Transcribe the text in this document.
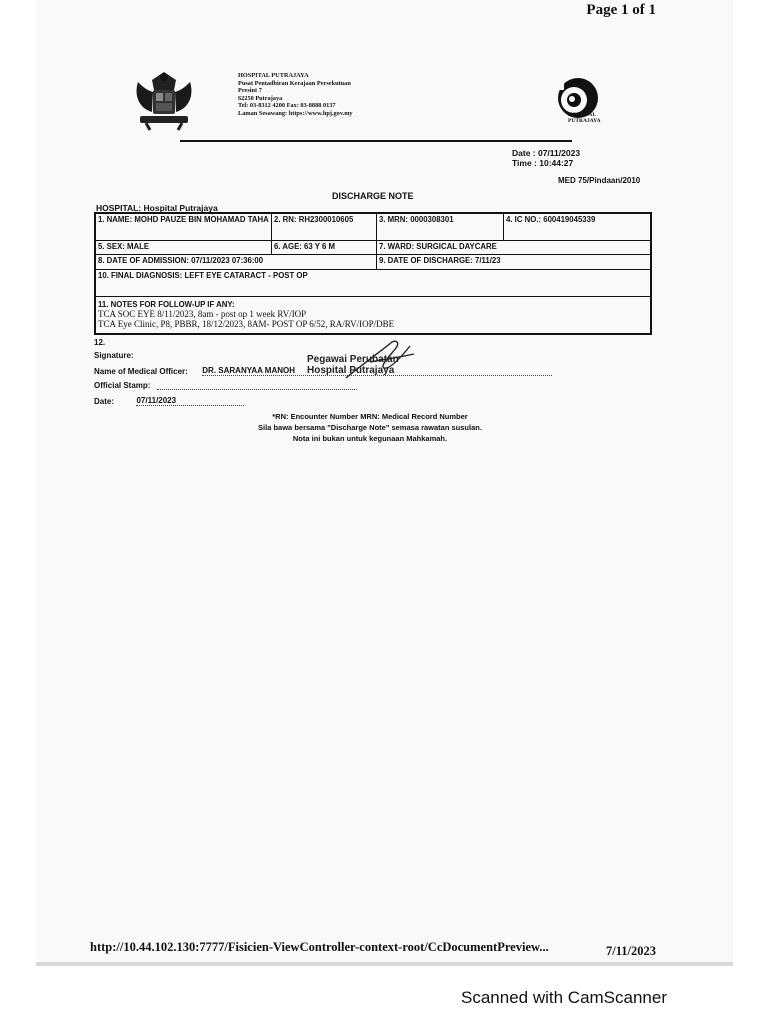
Page 1 of 1
HOSPITAL PUTRAJAYA
Pusat Pentadbiran Kerajaan Persekutuan
Presint 7
62250 Putrajaya
Tel: 03-8312 4200 Fax: 03-8888 0137
Laman Sesawang: https://www.hpj.gov.my	HOSPITAL
PUTRAJAYA
Date : 07/11/2023
Time : 10:44:27
MED 75/Pindaan/2010
DISCHARGE NOTE
HOSPITAL: Hospital Putrajaya
1. NAME: MOHD PAUZE BIN MOHAMAD TAHA 2. RN: RH2300010605	3. MRN: 0000308301	4. IC NO.: 600419045339
5. SEX: MALE	6. AGE: 63 Y 6 M	7. WARD: SURGICAL DAYCARE
8. DATE OF ADMISSION: 07/11/2023 07:36:00	9. DATE OF DISCHARGE: 7/11/23
10. FINAL DIAGNOSIS: LEFT EYE CATARACT - POST OP
11. NOTES FOR FOLLOW-UP IF ANY:
TCA SOC EYE 8/11/2023, 8am - post op 1 week RV/IOP
TCA Eye Clinic, P8, PBBR, 18/12/2023, 8AM- POST OP 6/52, RA/RV/IOP/DBE
12.
Signature:
Name of Medical Officer: DR. SARANYAA MANOH
Official Stamp:
Date:	07/11/2023
Pegawai Perubatan
Hospital Putrajaya
*RN: Encounter Number MRN: Medical Record Number
Sila bawa bersama "Discharge Note" semasa rawatan susulan.
Nota ini bukan untuk kegunaan Mahkamah.
http://10.44.102.130:7777/Fisicien-ViewController-context-root/CcDocumentPreview...	7/11/2023
Scanned with CamScanner
